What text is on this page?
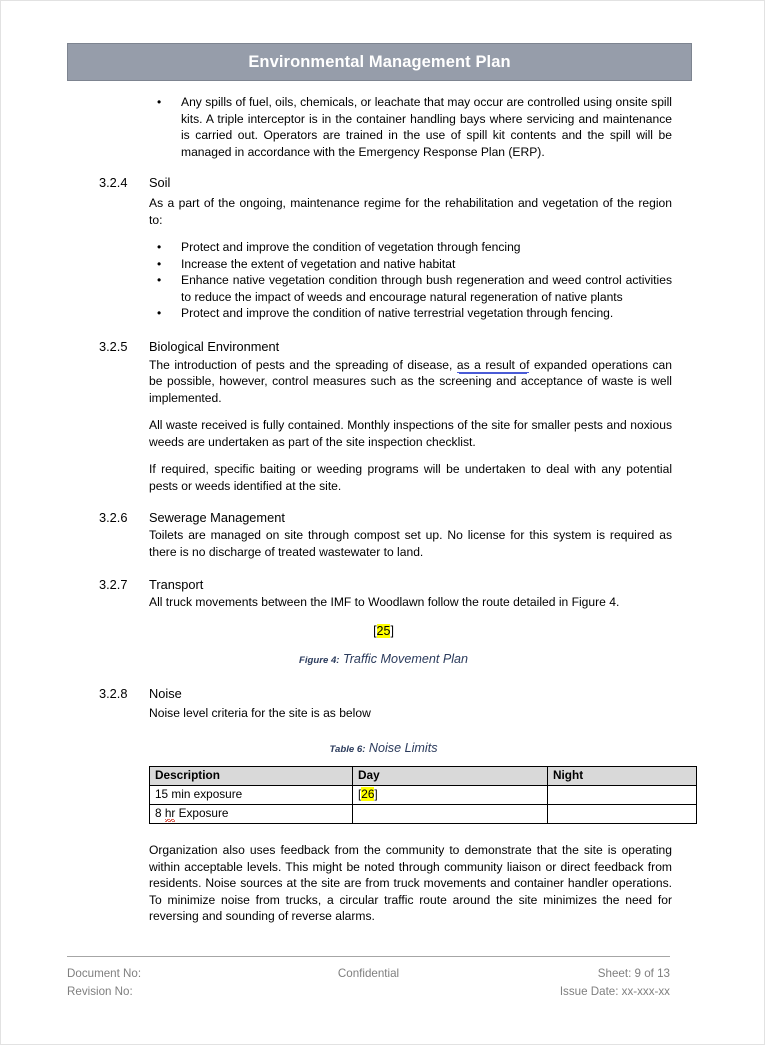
Environmental Management Plan
• Any spills of fuel, oils, chemicals, or leachate that may occur are controlled using onsite spill kits. A triple interceptor is in the container handling bays where servicing and maintenance is carried out. Operators are trained in the use of spill kit contents and the spill will be managed in accordance with the Emergency Response Plan (ERP).
3.2.4	Soil

As a part of the ongoing, maintenance regime for the rehabilitation and vegetation of the region to:

• Protect and improve the condition of vegetation through fencing
• Increase the extent of vegetation and native habitat
• Enhance native vegetation condition through bush regeneration and weed control activities to reduce the impact of weeds and encourage natural regeneration of native plants
• Protect and improve the condition of native terrestrial vegetation through fencing.
3.2.5	Biological Environment

The introduction of pests and the spreading of disease, as a result of expanded operations can be possible, however, control measures such as the screening and acceptance of waste is well implemented.

All waste received is fully contained. Monthly inspections of the site for smaller pests and noxious weeds are undertaken as part of the site inspection checklist.

If required, specific baiting or weeding programs will be undertaken to deal with any potential pests or weeds identified at the site.

3.2.6	Sewerage Management

Toilets are managed on site through compost set up. No license for this system is required as there is no discharge of treated wastewater to land.

3.2.7	Transport

All truck movements between the IMF to Woodlawn follow the route detailed in Figure 4.

[25]
Figure 4: Traffic Movement Plan
3.2.8	Noise

Noise level criteria for the site is as below

Table 6: Noise Limits
Description	Day	Night
15 min exposure	[26]	
8 hr Exposure		

Organization also uses feedback from the community to demonstrate that the site is operating within acceptable levels. This might be noted through community liaison or direct feedback from residents. Noise sources at the site are from truck movements and container handler operations. To minimize noise from trucks, a circular traffic route around the site minimizes the need for reversing and sounding of reverse alarms.

Document No:	Confidential	Sheet: 9 of 13
Revision No:	Issue Date: xx-xxx-xx
